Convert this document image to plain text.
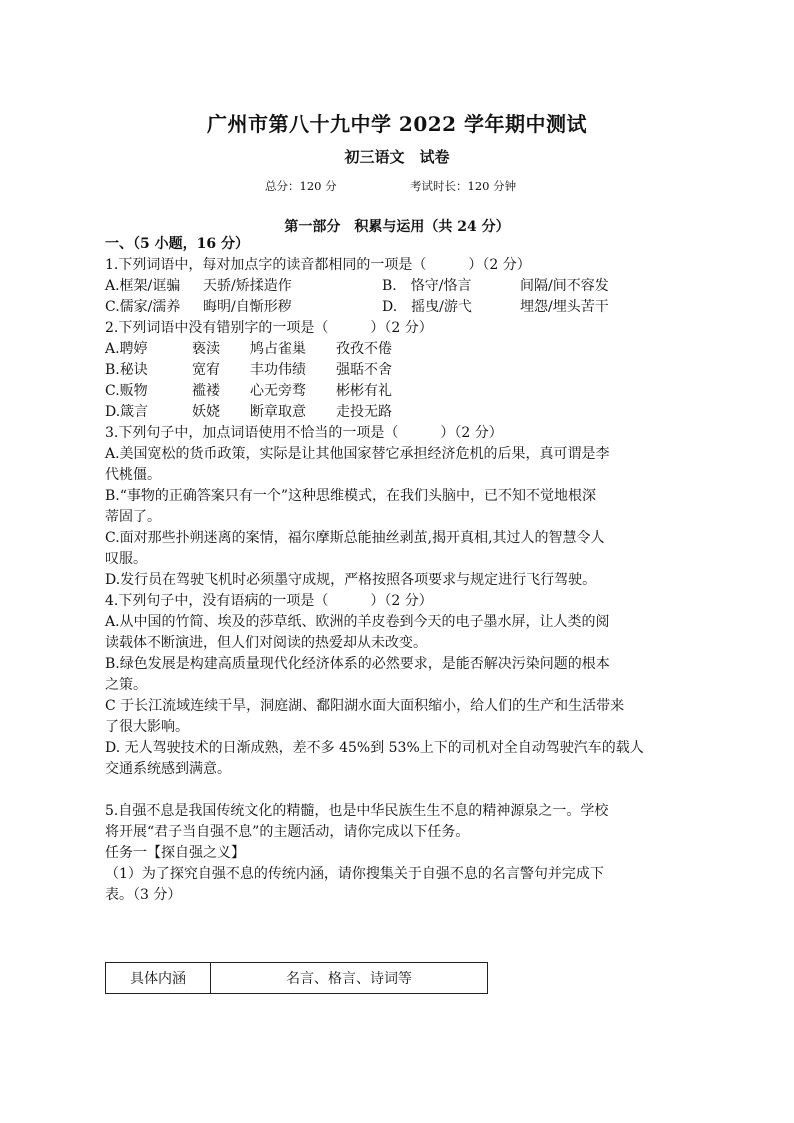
广州市第八十九中学 2022 学年期中测试
初三语文　试卷
总分：120 分	考试时长：120 分钟
第一部分　积累与运用（共 24 分）
一、（5 小题，16 分）
1.下列词语中，每对加点字的读音都相同的一项是（　　　）（2 分）
A.框架/诓骗 天骄/矫揉造作	B.　恪守/恪言	间隔/间不容发
C.儒家/濡养 晦明/自惭形秽	D.　摇曳/游弋	埋怨/埋头苦干
2.下列词语中没有错别字的一项是（　　　）（2 分）
A.聘婷	亵渎 鸠占雀巢 孜孜不倦
B.秘诀	宽宥 丰功伟绩 强聒不舍
C.贩物	褴褛 心无旁骛 彬彬有礼
D.箴言	妖娆 断章取意 走投无路
3.下列句子中，加点词语使用不恰当的一项是（　　　）（2 分）
A.美国宽松的货币政策，实际是让其他国家替它承担经济危机的后果，真可谓是李
代桃僵。
B.“事物的正确答案只有一个”这种思维模式，在我们头脑中，已不知不觉地根深
蒂固了。
C.面对那些扑朔迷离的案情，福尔摩斯总能抽丝剥茧,揭开真相,其过人的智慧令人
叹服。
D.发行员在驾驶飞机时必须墨守成规，严格按照各项要求与规定进行飞行驾驶。
4.下列句子中，没有语病的一项是（　　　）（2 分）
A.从中国的竹简、埃及的莎草纸、欧洲的羊皮卷到今天的电子墨水屏，让人类的阅
读载体不断演进，但人们对阅读的热爱却从未改变。
B.绿色发展是构建高质量现代化经济体系的必然要求，是能否解决污染问题的根本
之策。
C 于长江流域连续干旱，洞庭湖、鄱阳湖水面大面积缩小，给人们的生产和生活带来
了很大影响。
D. 无人驾驶技术的日渐成熟，差不多 45%到 53%上下的司机对全自动驾驶汽车的载人
交通系统感到满意。
5.自强不息是我国传统文化的精髓，也是中华民族生生不息的精神源泉之一。学校
将开展“君子当自强不息”的主题活动，请你完成以下任务。
任务一【探自强之义】
（1）为了探究自强不息的传统内涵，请你搜集关于自强不息的名言警句并完成下
表。（3 分）
具体内涵	名言、格言、诗词等
